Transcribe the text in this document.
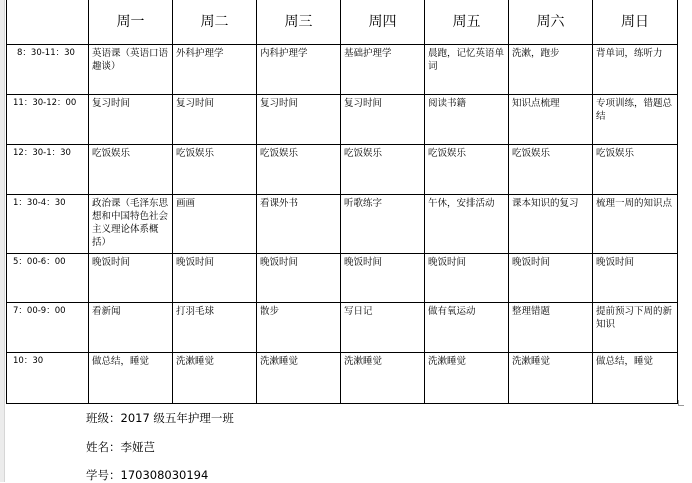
	周一	周二	周三	周四	周五	周六	周日
8：30-11：30	英语课（英语口语趣谈）	外科护理学	内科护理学	基础护理学	晨跑，记忆英语单词	洗漱，跑步	背单词，练听力
11：30-12：00	复习时间	复习时间	复习时间	复习时间	阅读书籍	知识点梳理	专项训练，错题总结
12：30-1：30	吃饭娱乐	吃饭娱乐	吃饭娱乐	吃饭娱乐	吃饭娱乐	吃饭娱乐	吃饭娱乐
1：30-4：30	政治课（毛泽东思想和中国特色社会主义理论体系概括）	画画	看课外书	听歌练字	午休，安排活动	课本知识的复习	梳理一周的知识点
5：00-6：00	晚饭时间	晚饭时间	晚饭时间	晚饭时间	晚饭时间	晚饭时间	晚饭时间
7：00-9：00	看新闻	打羽毛球	散步	写日记	做有氧运动	整理错题	提前预习下周的新知识
10：30	做总结，睡觉	洗漱睡觉	洗漱睡觉	洗漱睡觉	洗漱睡觉	洗漱睡觉	做总结，睡觉
班级：2017 级五年护理一班
姓名：李娅芑
学号：170308030194
